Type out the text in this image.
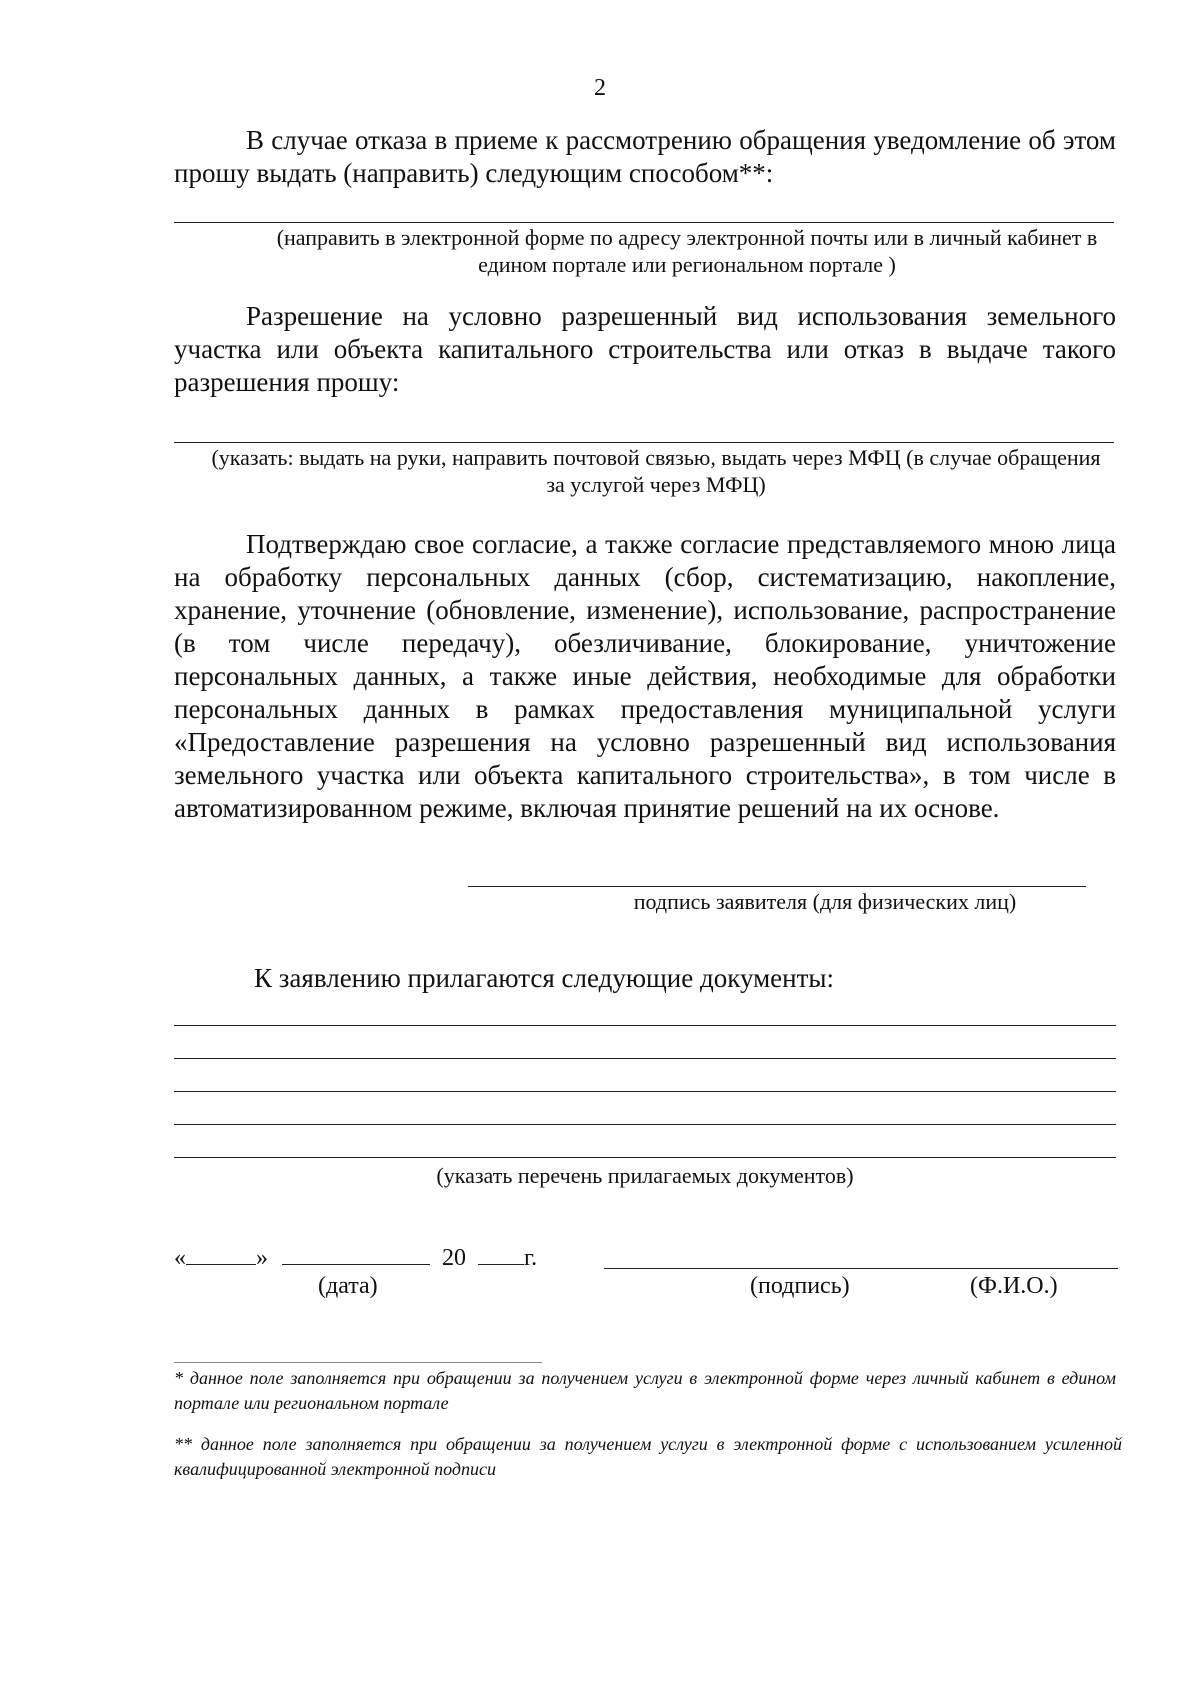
2

В случае отказа в приеме к рассмотрению обращения уведомление об этом прошу выдать (направить) следующим способом**:

(направить в электронной форме по адресу электронной почты или в личный кабинет в едином портале или региональном портале )

Разрешение на условно разрешенный вид использования земельного участка или объекта капитального строительства или отказ в выдаче такого разрешения прошу:

(указать: выдать на руки, направить почтовой связью, выдать через МФЦ (в случае обращения за услугой через МФЦ)

Подтверждаю свое согласие, а также согласие представляемого мною лица на обработку персональных данных (сбор, систематизацию, накопление, хранение, уточнение (обновление, изменение), использование, распространение (в том числе передачу), обезличивание, блокирование, уничтожение персональных данных, а также иные действия, необходимые для обработки персональных данных в рамках предоставления муниципальной услуги «Предоставление разрешения на условно разрешенный вид использования земельного участка или объекта капитального строительства», в том числе в автоматизированном режиме, включая принятие решений на их основе.

подпись заявителя (для физических лиц)
К заявлению прилагаются следующие документы:
(указать перечень прилагаемых документов)
«	»	20 г.
(дата)	(подпись)	(Ф.И.О.)

* данное поле заполняется при обращении за получением услуги в электронной форме через личный кабинет в едином портале или региональном портале

** данное поле заполняется при обращении за получением услуги в электронной форме с использованием усиленной квалифицированной электронной подписи
